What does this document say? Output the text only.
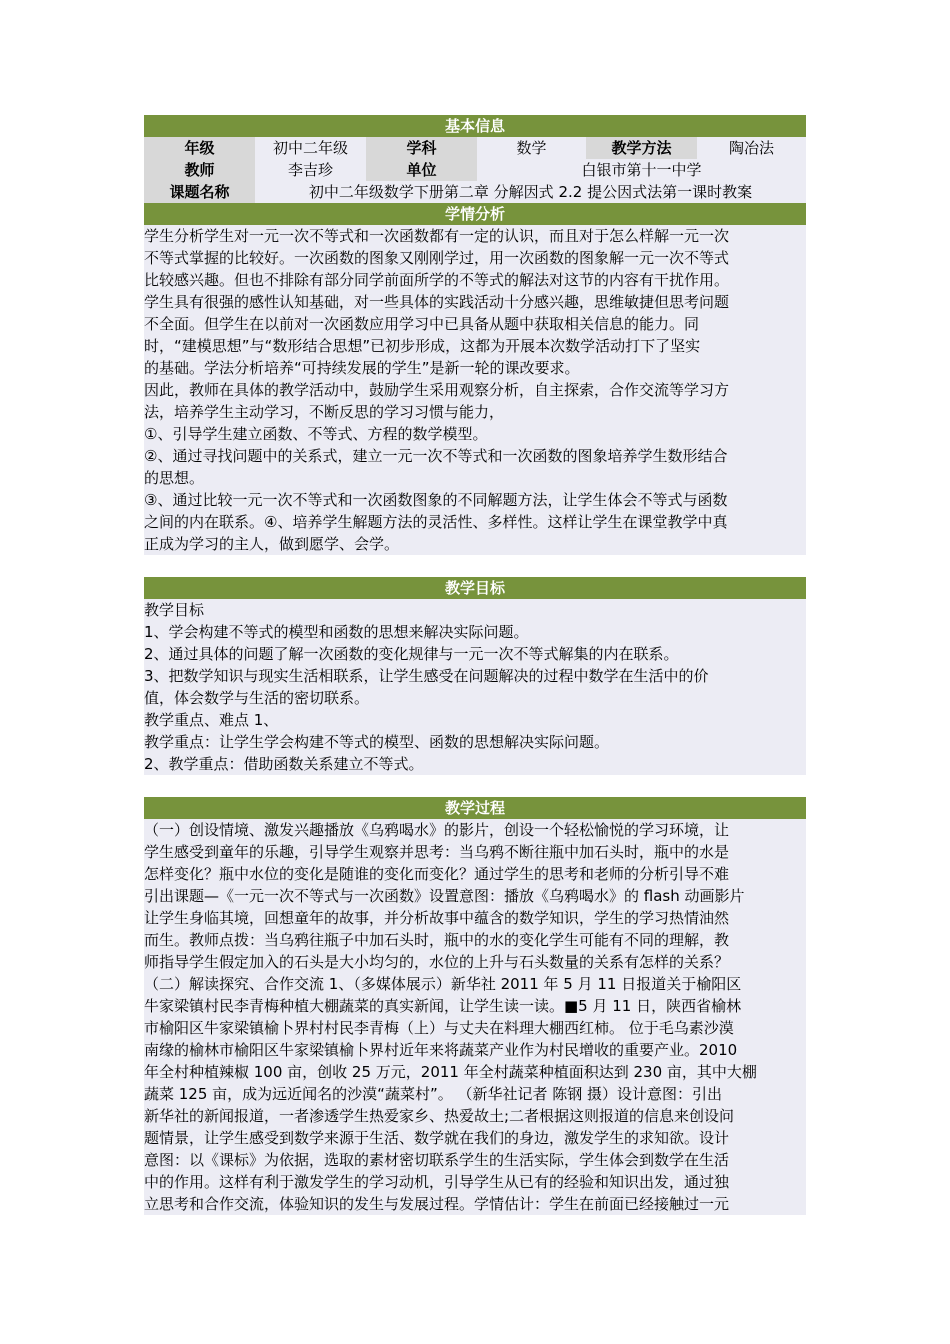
基本信息
年级	初中二年级	学科	数学	教学方法	陶冶法
教师	李吉珍	单位	白银市第十一中学
课题名称	初中二年级数学下册第二章 分解因式 2.2 提公因式法第一课时教案
学情分析

学生分析学生对一元一次不等式和一次函数都有一定的认识，而且对于怎么样解一元一次

不等式掌握的比较好。一次函数的图象又刚刚学过，用一次函数的图象解一元一次不等式

比较感兴趣。但也不排除有部分同学前面所学的不等式的解法对这节的内容有干扰作用。

学生具有很强的感性认知基础，对一些具体的实践活动十分感兴趣，思维敏捷但思考问题

不全面。但学生在以前对一次函数应用学习中已具备从题中获取相关信息的能力。同

时，“建模思想”与“数形结合思想”已初步形成，这都为开展本次数学活动打下了坚实

的基础。学法分析培养“可持续发展的学生”是新一轮的课改要求。

因此，教师在具体的教学活动中，鼓励学生采用观察分析，自主探索，合作交流等学习方

法，培养学生主动学习，不断反思的学习习惯与能力，

①、引导学生建立函数、不等式、方程的数学模型。

②、通过寻找问题中的关系式，建立一元一次不等式和一次函数的图象培养学生数形结合

的思想。

③、通过比较一元一次不等式和一次函数图象的不同解题方法，让学生体会不等式与函数

之间的内在联系。④、培养学生解题方法的灵活性、多样性。这样让学生在课堂教学中真

正成为学习的主人，做到愿学、会学。

教学目标

教学目标

1、学会构建不等式的模型和函数的思想来解决实际问题。

2、通过具体的问题了解一次函数的变化规律与一元一次不等式解集的内在联系。

3、把数学知识与现实生活相联系，让学生感受在问题解决的过程中数学在生活中的价

值，体会数学与生活的密切联系。

教学重点、难点 1、

教学重点：让学生学会构建不等式的模型、函数的思想解决实际问题。

2、教学重点：借助函数关系建立不等式。

教学过程

（一）创设情境、激发兴趣播放《乌鸦喝水》的影片，创设一个轻松愉悦的学习环境，让

学生感受到童年的乐趣，引导学生观察并思考：当乌鸦不断往瓶中加石头时，瓶中的水是

怎样变化？瓶中水位的变化是随谁的变化而变化？通过学生的思考和老师的分析引导不难

引出课题—《一元一次不等式与一次函数》设置意图：播放《乌鸦喝水》的 flash 动画影片

让学生身临其境，回想童年的故事，并分析故事中蕴含的数学知识，学生的学习热情油然

而生。教师点拨：当乌鸦往瓶子中加石头时，瓶中的水的变化学生可能有不同的理解，教

师指导学生假定加入的石头是大小均匀的，水位的上升与石头数量的关系有怎样的关系？

（二）解读探究、合作交流 1、（多媒体展示）新华社 2011 年 5 月 11 日报道关于榆阳区

牛家梁镇村民李青梅种植大棚蔬菜的真实新闻，让学生读一读。■5 月 11 日，陕西省榆林

市榆阳区牛家梁镇榆卜界村村民李青梅（上）与丈夫在料理大棚西红柿。 位于毛乌素沙漠

南缘的榆林市榆阳区牛家梁镇榆卜界村近年来将蔬菜产业作为村民增收的重要产业。2010

年全村种植辣椒 100 亩，创收 25 万元，2011 年全村蔬菜种植面积达到 230 亩，其中大棚

蔬菜 125 亩，成为远近闻名的沙漠“蔬菜村”。 （新华社记者 陈钢 摄）设计意图：引出

新华社的新闻报道，一者渗透学生热爱家乡、热爱故土;二者根据这则报道的信息来创设问

题情景，让学生感受到数学来源于生活、数学就在我们的身边，激发学生的求知欲。设计

意图：以《课标》为依据，选取的素材密切联系学生的生活实际，学生体会到数学在生活

中的作用。这样有利于激发学生的学习动机，引导学生从已有的经验和知识出发，通过独

立思考和合作交流，体验知识的发生与发展过程。学情估计：学生在前面已经接触过一元
